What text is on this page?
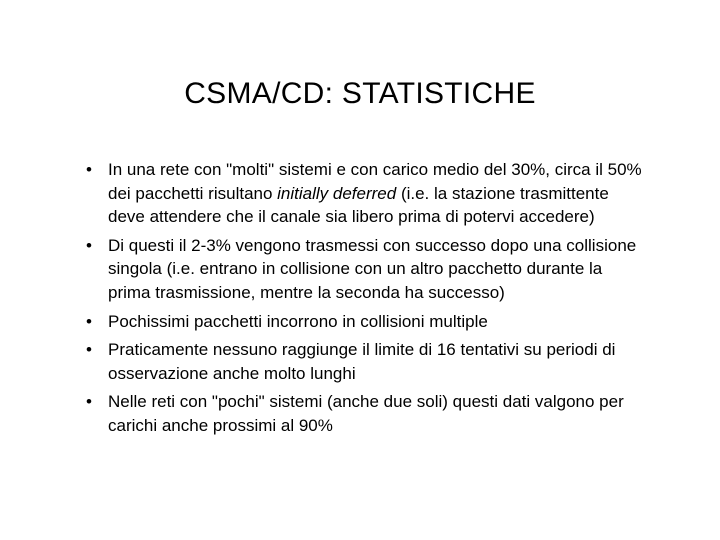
CSMA/CD: STATISTICHE
• In una rete con "molti" sistemi e con carico medio del 30%, circa il 50% dei pacchetti risultano initially deferred (i.e. la stazione trasmittente deve attendere che il canale sia libero prima di potervi accedere)
• Di questi il 2-3% vengono trasmessi con successo dopo una collisione singola (i.e. entrano in collisione con un altro pacchetto durante la prima trasmissione, mentre la seconda ha successo)
• Pochissimi pacchetti incorrono in collisioni multiple
• Praticamente nessuno raggiunge il limite di 16 tentativi su periodi di osservazione anche molto lunghi
• Nelle reti con "pochi" sistemi (anche due soli) questi dati valgono per carichi anche prossimi al 90%
